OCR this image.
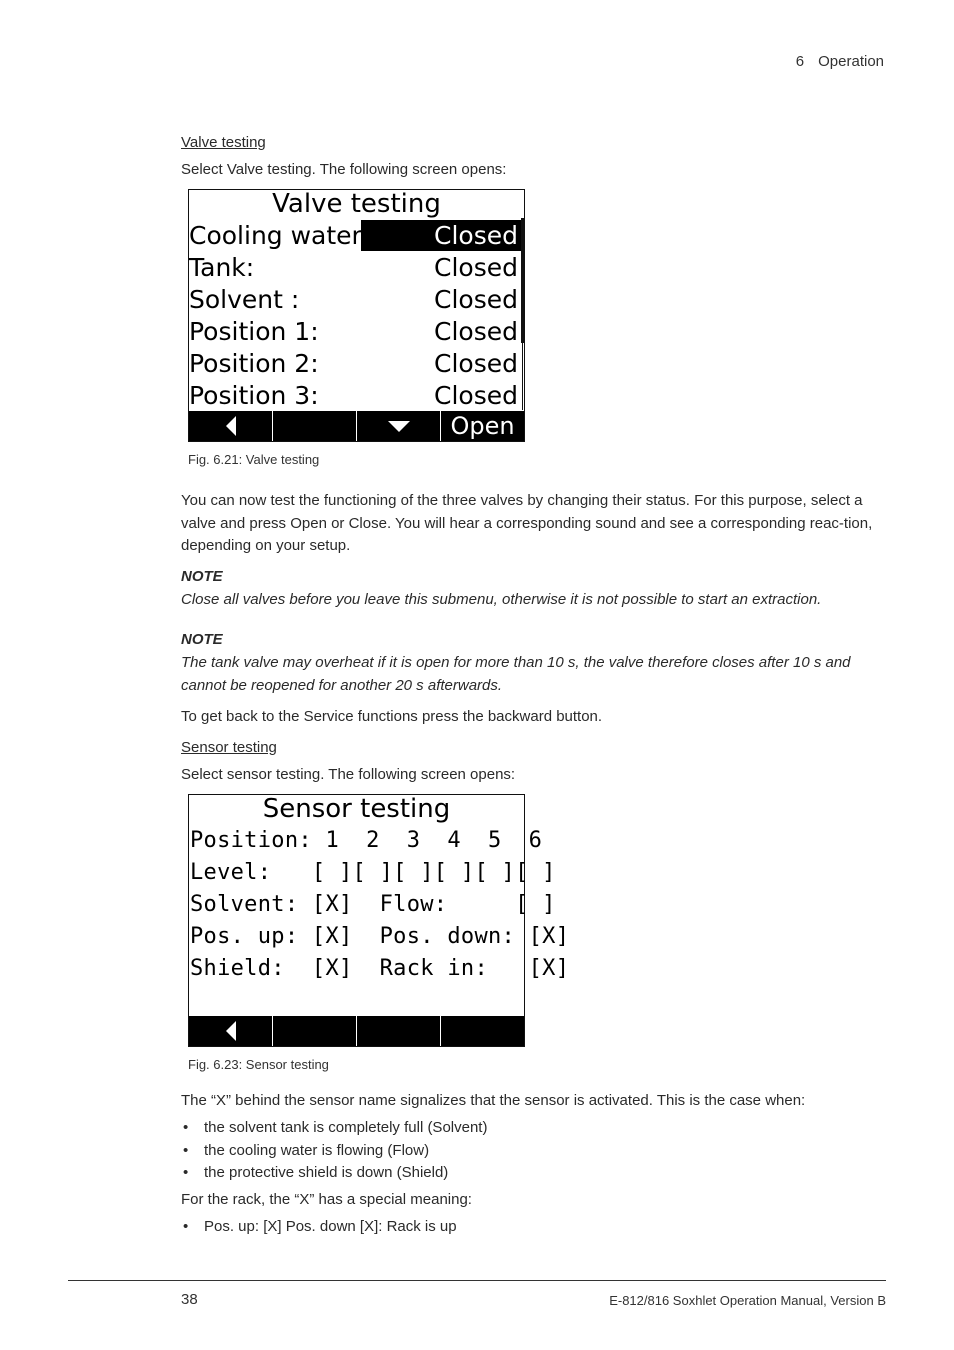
6 Operation
Valve testing
Select Valve testing. The following screen opens:
Valve testing
Cooling water:	Closed
Tank:	Closed
Solvent :	Closed
Position 1:	Closed
Position 2:	Closed
Position 3:	Closed
Open
Fig. 6.21: Valve testing
You can now test the functioning of the three valves by changing their status. For this purpose, select a valve and press Open or Close. You will hear a corresponding sound and see a corresponding reac-tion, depending on your setup.
NOTE
Close all valves before you leave this submenu, otherwise it is not possible to start an extraction.
NOTE
The tank valve may overheat if it is open for more than 10 s, the valve therefore closes after 10 s and cannot be reopened for another 20 s afterwards.
To get back to the Service functions press the backward button.
Sensor testing
Select sensor testing. The following screen opens:
Sensor testing
Position: 1  2  3  4  5  6
Level:   [ ][ ][ ][ ][ ][ ]
Solvent: [X]  Flow:     [ ]
Pos. up: [X]  Pos. down: [X]
Shield:  [X]  Rack in:   [X]
Fig. 6.23: Sensor testing
The “X” behind the sensor name signalizes that the sensor is activated. This is the case when:
• the solvent tank is completely full (Solvent)
• the cooling water is flowing (Flow)
• the protective shield is down (Shield)
For the rack, the “X” has a special meaning:
• Pos. up: [X] Pos. down [X]: Rack is up
38	E-812/816 Soxhlet Operation Manual, Version B
